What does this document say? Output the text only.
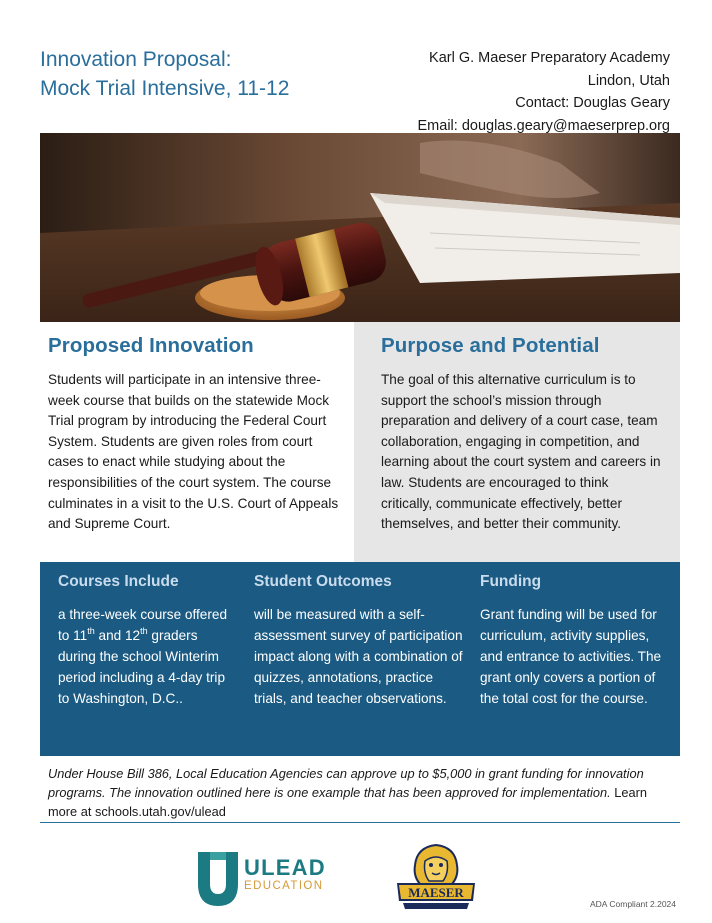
Innovation Proposal:
Mock Trial Intensive, 11-12
Karl G. Maeser Preparatory Academy
Lindon, Utah
Contact: Douglas Geary
Email: douglas.geary@maeserprep.org
Proposed Innovation

Students will participate in an intensive three-week course that builds on the statewide Mock Trial program by introducing the Federal Court System. Students are given roles from court cases to enact while studying about the responsibilities of the court system. The course culminates in a visit to the U.S. Court of Appeals and Supreme Court.

Purpose and Potential

The goal of this alternative curriculum is to support the school’s mission through preparation and delivery of a court case, team collaboration, engaging in competition, and learning about the court system and careers in law. Students are encouraged to think critically, communicate effectively, better themselves, and better their community.

Courses Include

a three-week course offered to 11th and 12th graders during the school Winterim period including a 4-day trip to Washington, D.C..

Student Outcomes

will be measured with a self-assessment survey of participation impact along with a combination of quizzes, annotations, practice trials, and teacher observations.

Funding

Grant funding will be used for curriculum, activity supplies, and entrance to activities. The grant only covers a portion of the total cost for the course.

Under House Bill 386, Local Education Agencies can approve up to $5,000 in grant funding for innovation programs. The innovation outlined here is one example that has been approved for implementation. Learn more at schools.utah.gov/ulead
ULEAD
EDUCATION	MAESER
ADA Compliant 2.2024
